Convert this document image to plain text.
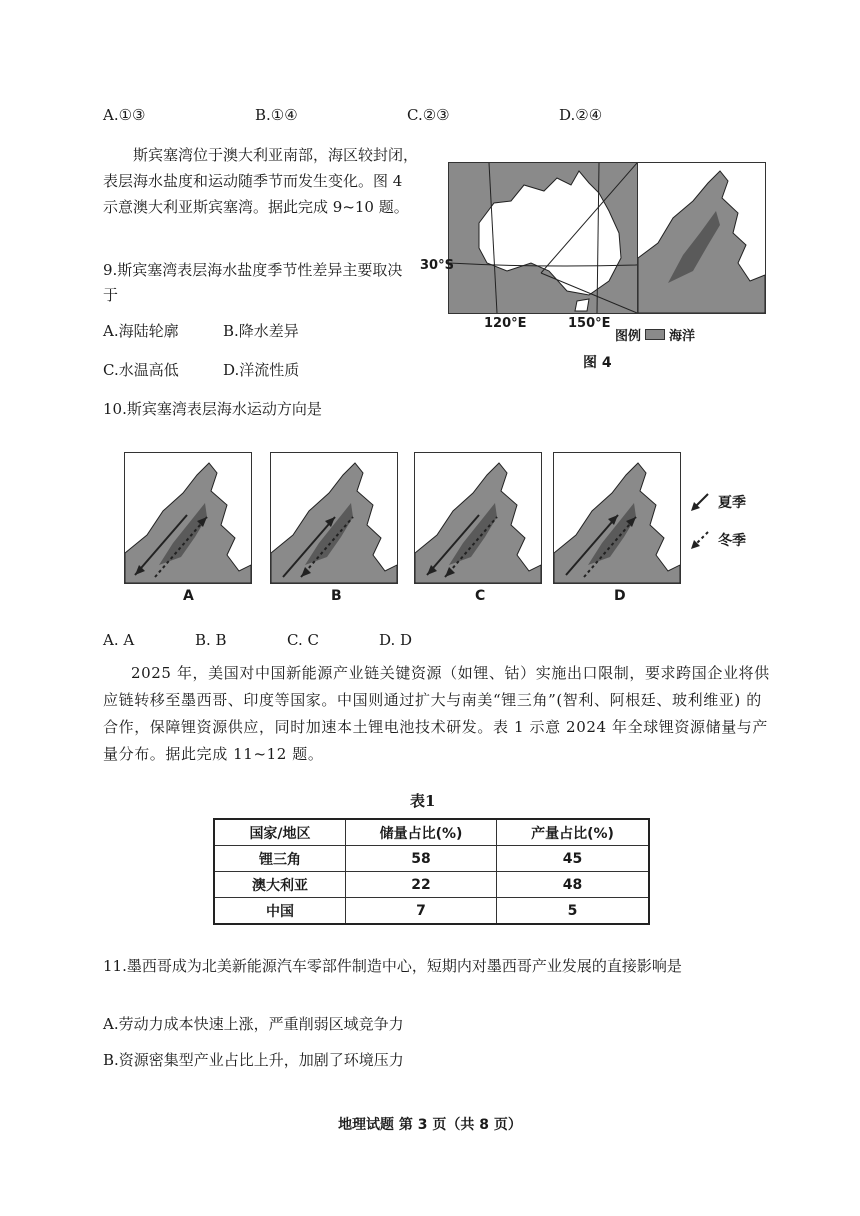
A.①③	B.①④	C.②③	D.②④
斯宾塞湾位于澳大利亚南部，海区较封闭，表层海水盐度和运动随季节而发生变化。图 4 示意澳大利亚斯宾塞湾。据此完成 9~10 题。
9.斯宾塞湾表层海水盐度季节性差异主要取决于
A.海陆轮廓	B.降水差异
C.水温高低	D.洋流性质
30°S
120°E	150°E
图例 海洋
图 4
10.斯宾塞湾表层海水运动方向是
A	B	C	D
夏季
冬季
A. A	B. B	C. C	D. D
2025 年，美国对中国新能源产业链关键资源（如锂、钴）实施出口限制，要求跨国企业将供应链转移至墨西哥、印度等国家。中国则通过扩大与南美“锂三角”(智利、阿根廷、玻利维亚) 的合作，保障锂资源供应，同时加速本土锂电池技术研发。表 1 示意 2024 年全球锂资源储量与产量分布。据此完成 11~12 题。
表1
国家/地区	储量占比(%)	产量占比(%)
锂三角	58	45
澳大利亚	22	48
中国	7	5
11.墨西哥成为北美新能源汽车零部件制造中心，短期内对墨西哥产业发展的直接影响是
A.劳动力成本快速上涨，严重削弱区域竞争力
B.资源密集型产业占比上升，加剧了环境压力
地理试题 第 3 页（共 8 页）
